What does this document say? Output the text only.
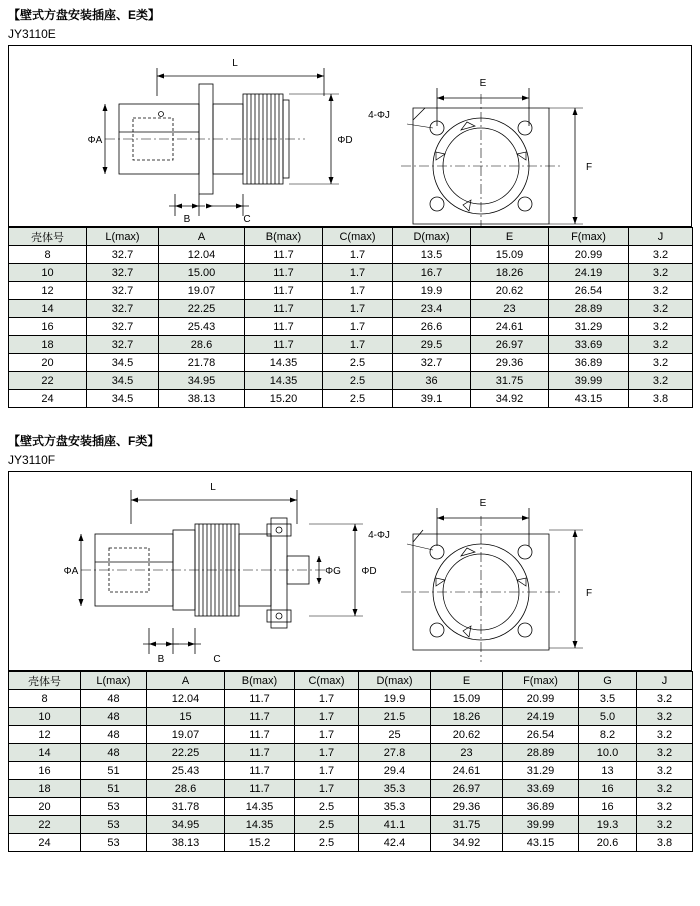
【壁式方盘安装插座、E类】
JY3110E
L
ΦA	ΦD
B	C
E
F
4-ΦJ
壳体号	L(max)	A	B(max)	C(max)	D(max)	E	F(max)	J
8	32.7	12.04	11.7	1.7	13.5	15.09	20.99	3.2
10	32.7	15.00	11.7	1.7	16.7	18.26	24.19	3.2
12	32.7	19.07	11.7	1.7	19.9	20.62	26.54	3.2
14	32.7	22.25	11.7	1.7	23.4	23	28.89	3.2
16	32.7	25.43	11.7	1.7	26.6	24.61	31.29	3.2
18	32.7	28.6	11.7	1.7	29.5	26.97	33.69	3.2
20	34.5	21.78	14.35	2.5	32.7	29.36	36.89	3.2
22	34.5	34.95	14.35	2.5	36	31.75	39.99	3.2
24	34.5	38.13	15.20	2.5	39.1	34.92	43.15	3.8
【壁式方盘安装插座、F类】
JY3110F
L
ΦA	ΦG ΦD
B	C
E
F
4-ΦJ
壳体号	L(max)	A	B(max)	C(max)	D(max)	E	F(max)	G	J
8	48	12.04	11.7	1.7	19.9	15.09	20.99	3.5	3.2
10	48	15	11.7	1.7	21.5	18.26	24.19	5.0	3.2
12	48	19.07	11.7	1.7	25	20.62	26.54	8.2	3.2
14	48	22.25	11.7	1.7	27.8	23	28.89	10.0	3.2
16	51	25.43	11.7	1.7	29.4	24.61	31.29	13	3.2
18	51	28.6	11.7	1.7	35.3	26.97	33.69	16	3.2
20	53	31.78	14.35	2.5	35.3	29.36	36.89	16	3.2
22	53	34.95	14.35	2.5	41.1	31.75	39.99	19.3	3.2
24	53	38.13	15.2	2.5	42.4	34.92	43.15	20.6	3.8
